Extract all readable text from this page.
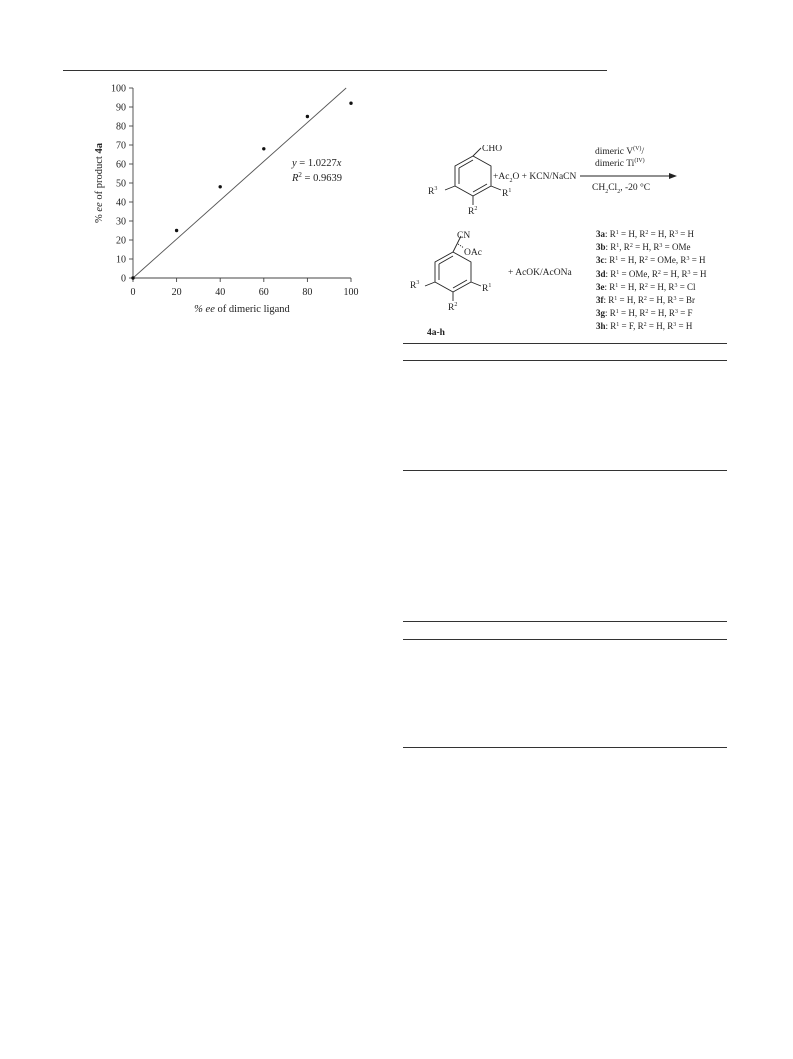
0
10
20
30
40
50
60
70
80
90
100
0	20	40	60	80	100
y = 1.0227x
$R^2 = 0.9639$
% ee of dimeric ligand
% ee of product 4a	CHO
$R^1$
$R^2$
$R^3$
$+Ac_2O$ + KCN/NaCN
dimeric $V^{(V)}/$
dimeric $Ti^{(IV)}$
$CH_2Cl_2$, -20 °C
CN
OAc
$R^1$
$R^2$
$R^3$
+ AcOK/AcONa
4a-h
3a: $R^1 = H$, $R^2 = H$, $R^3 = H$
3b: $R^1$, $R^2 = H$, $R^3$ = OMe
3c: $R^1 = H$, $R^2$ = OMe, $R^3 = H$
3d: $R^1$ = OMe, $R^2 = H$, $R^3 = H$
3e: $R^1 = H$, $R^2 = H$, $R^3 = Cl$
3f: $R^1 = H$, $R^2 = H$, $R^3 = Br$
3g: $R^1 = H$, $R^2 = H$, $R^3 = F$
3h: $R^1 = F$, $R^2 = H$, $R^3 = H$
